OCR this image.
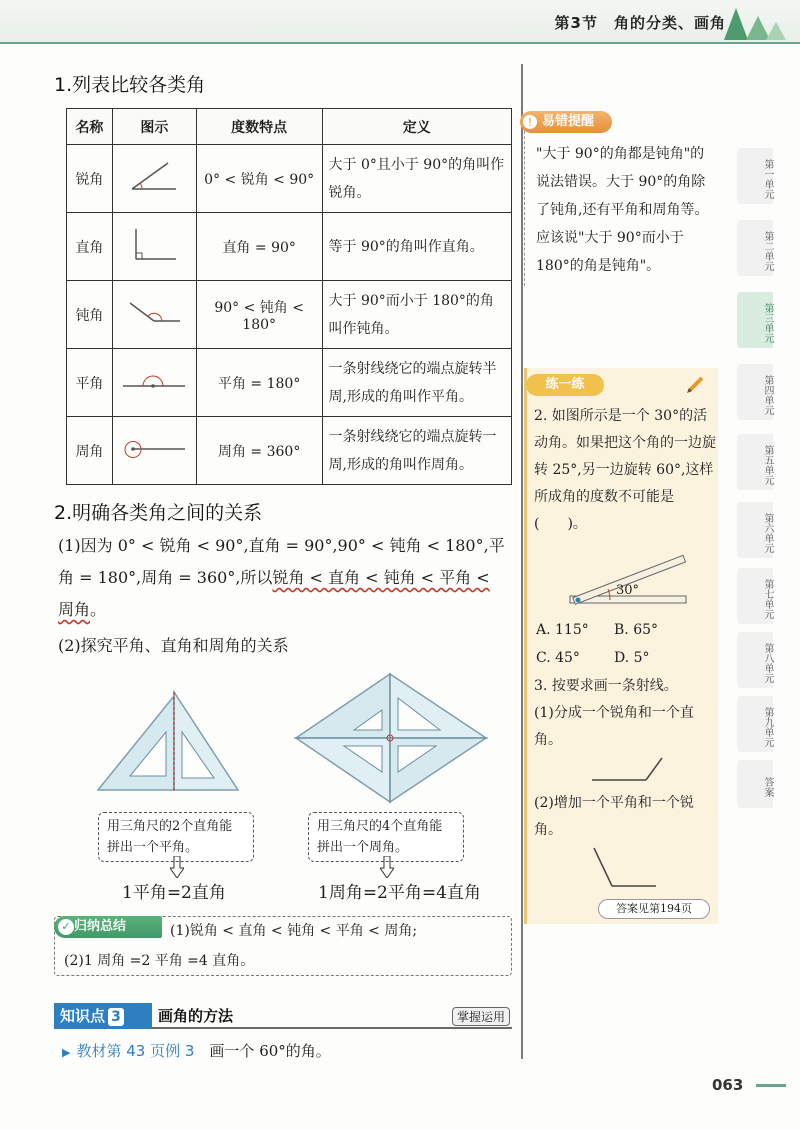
第3节　角的分类、画角
1.列表比较各类角
名称	图示	度数特点	定义
锐角		0° < 锐角 < 90°	大于 0°且小于 90°的角叫作锐角。
直角		直角 = 90°	等于 90°的角叫作直角。
钝角		90° < 钝角 < 180°	大于 90°而小于 180°的角叫作钝角。
平角		平角 = 180°	一条射线绕它的端点旋转半周,形成的角叫作平角。
周角		周角 = 360°	一条射线绕它的端点旋转一周,形成的角叫作周角。
2.明确各类角之间的关系
(1)因为 0° < 锐角 < 90°,直角 = 90°,90° < 钝角 < 180°,平
角 = 180°,周角 = 360°,所以锐角 < 直角 < 钝角 < 平角 <
周角。
(2)探究平角、直角和周角的关系
用三角尺的2个直角能拼出一个平角。
用三角尺的4个直角能拼出一个周角。
1平角=2直角	1周角=2平角=4直角
✓ 归纳总结	(1)锐角 < 直角 < 钝角 < 平角 < 周角;
(2)1 周角 =2 平角 =4 直角。
知识点 3	画角的方法	掌握运用
▶ 教材第 43 页例 3　 画一个 60°的角。
易错提醒
!
"大于 90°的角都是钝角"的说法错误。大于 90°的角除了钝角,还有平角和周角等。应该说"大于 90°而小于 180°的角是钝角"。
练一练
2. 如图所示是一个 30°的活动角。如果把这个角的一边旋转 25°,另一边旋转 60°,这样所成角的度数不可能是(　　)。
30°
A. 115° B. 65°
C. 45° D. 5°
3. 按要求画一条射线。
(1)分成一个锐角和一个直角。
(2)增加一个平角和一个锐角。
答案见第194页
第一单元
第二单元
第三单元
第四单元
第五单元
第六单元
第七单元
第八单元
第九单元
答案
063
